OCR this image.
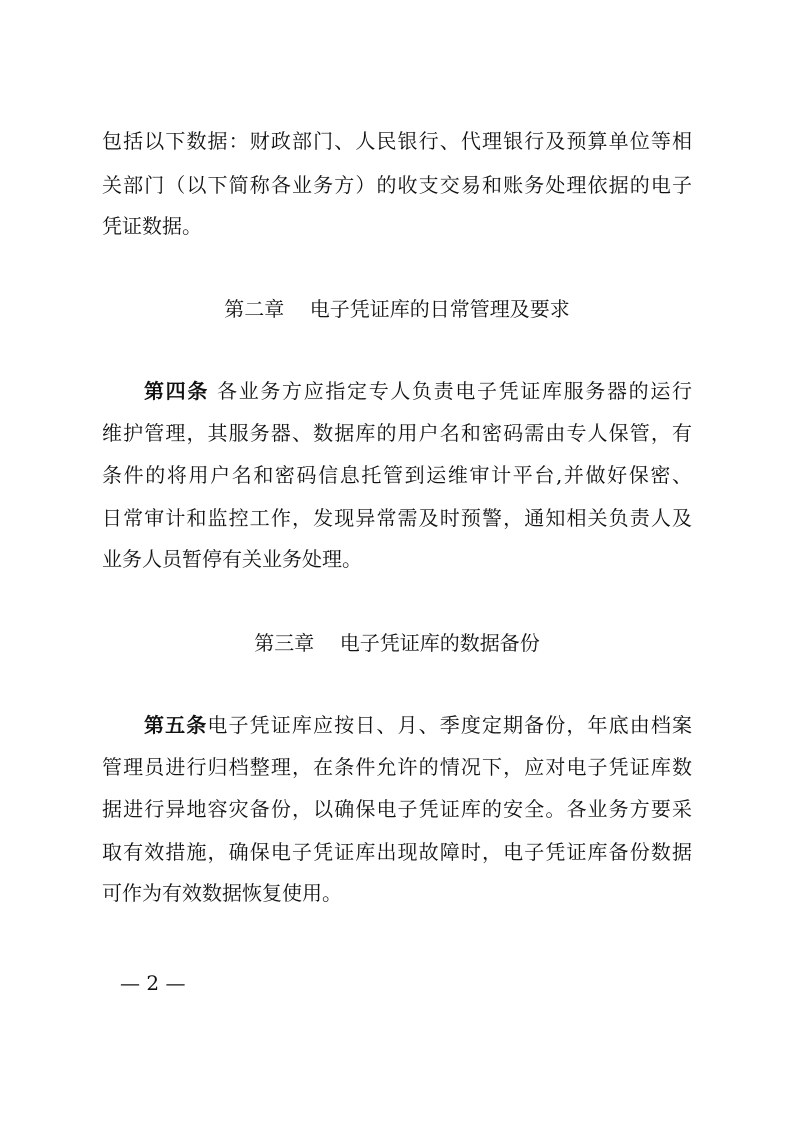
包括以下数据：财政部门、人民银行、代理银行及预算单位等相
关部门（以下简称各业务方）的收支交易和账务处理依据的电子
凭证数据。
第二章    电子凭证库的日常管理及要求
第四条 各业务方应指定专人负责电子凭证库服务器的运行
维护管理，其服务器、数据库的用户名和密码需由专人保管，有
条件的将用户名和密码信息托管到运维审计平台,并做好保密、
日常审计和监控工作，发现异常需及时预警，通知相关负责人及
业务人员暂停有关业务处理。
第三章    电子凭证库的数据备份
第五条电子凭证库应按日、月、季度定期备份，年底由档案
管理员进行归档整理，在条件允许的情况下，应对电子凭证库数
据进行异地容灾备份，以确保电子凭证库的安全。各业务方要采
取有效措施，确保电子凭证库出现故障时，电子凭证库备份数据
可作为有效数据恢复使用。
— 2 —
